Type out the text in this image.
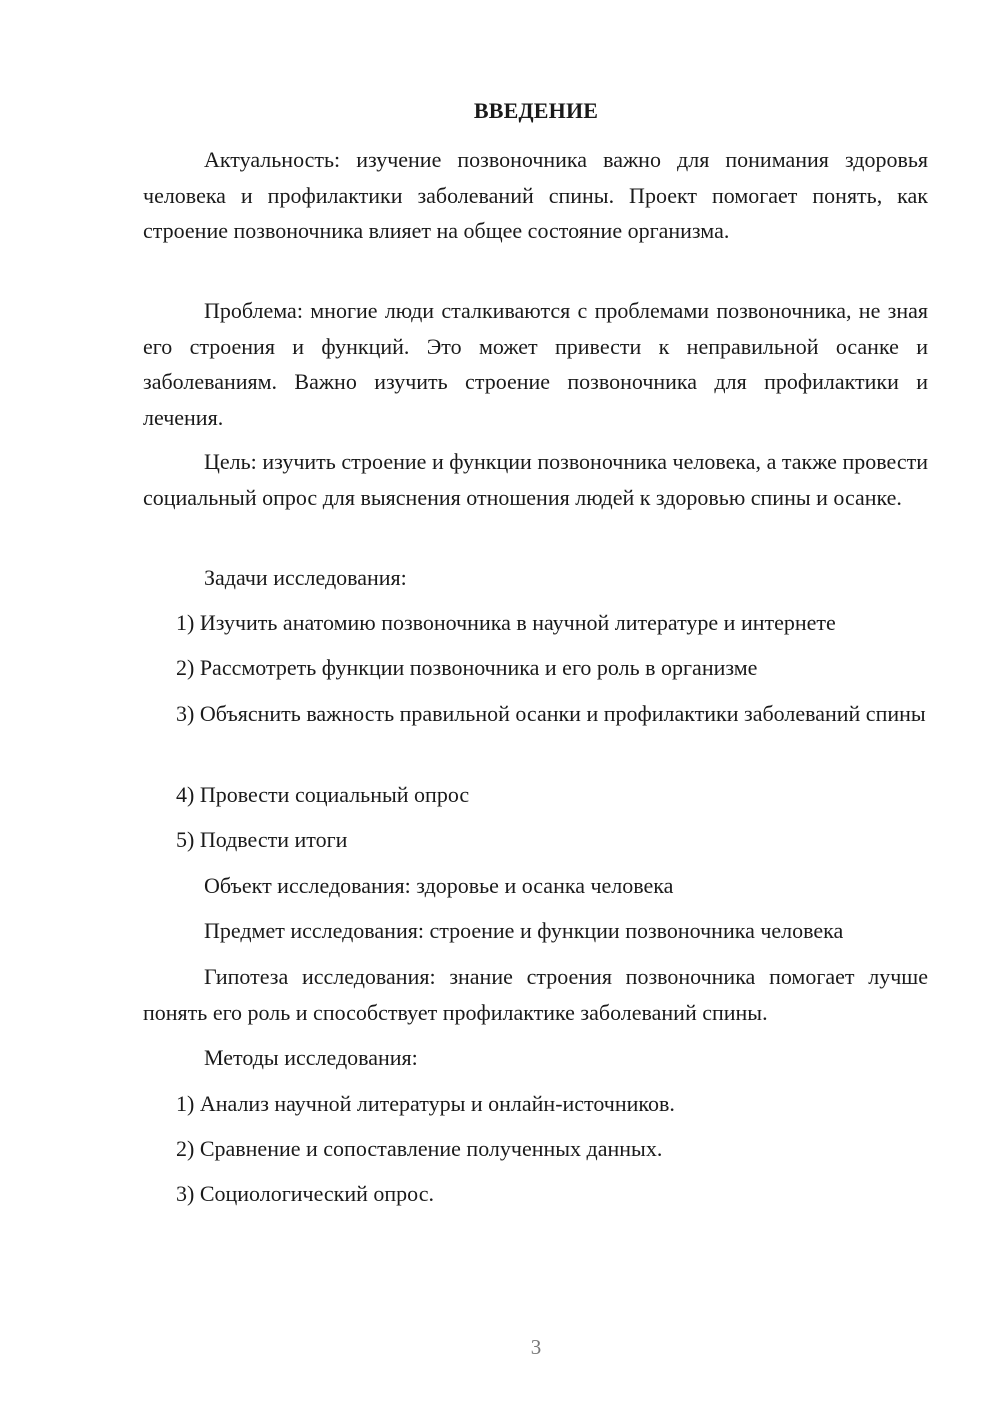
ВВЕДЕНИЕ

Актуальность: изучение позвоночника важно для понимания здоровья человека и профилактики заболеваний спины. Проект помогает понять, как строение позвоночника влияет на общее состояние организма.

Проблема: многие люди сталкиваются с проблемами позвоночника, не зная его строения и функций. Это может привести к неправильной осанке и заболеваниям. Важно изучить строение позвоночника для профилактики и лечения.

Цель: изучить строение и функции позвоночника человека, а также провести социальный опрос для выяснения отношения людей к здоровью спины и осанке.

Задачи исследования:

1) Изучить анатомию позвоночника в научной литературе и интернете

2) Рассмотреть функции позвоночника и его роль в организме

3) Объяснить важность правильной осанки и профилактики заболеваний спины

4) Провести социальный опрос

5) Подвести итоги

Объект исследования: здоровье и осанка человека

Предмет исследования: строение и функции позвоночника человека

Гипотеза исследования: знание строения позвоночника помогает лучше понять его роль и способствует профилактике заболеваний спины.

Методы исследования:

1) Анализ научной литературы и онлайн-источников.

2) Сравнение и сопоставление полученных данных.

3) Социологический опрос.

3
